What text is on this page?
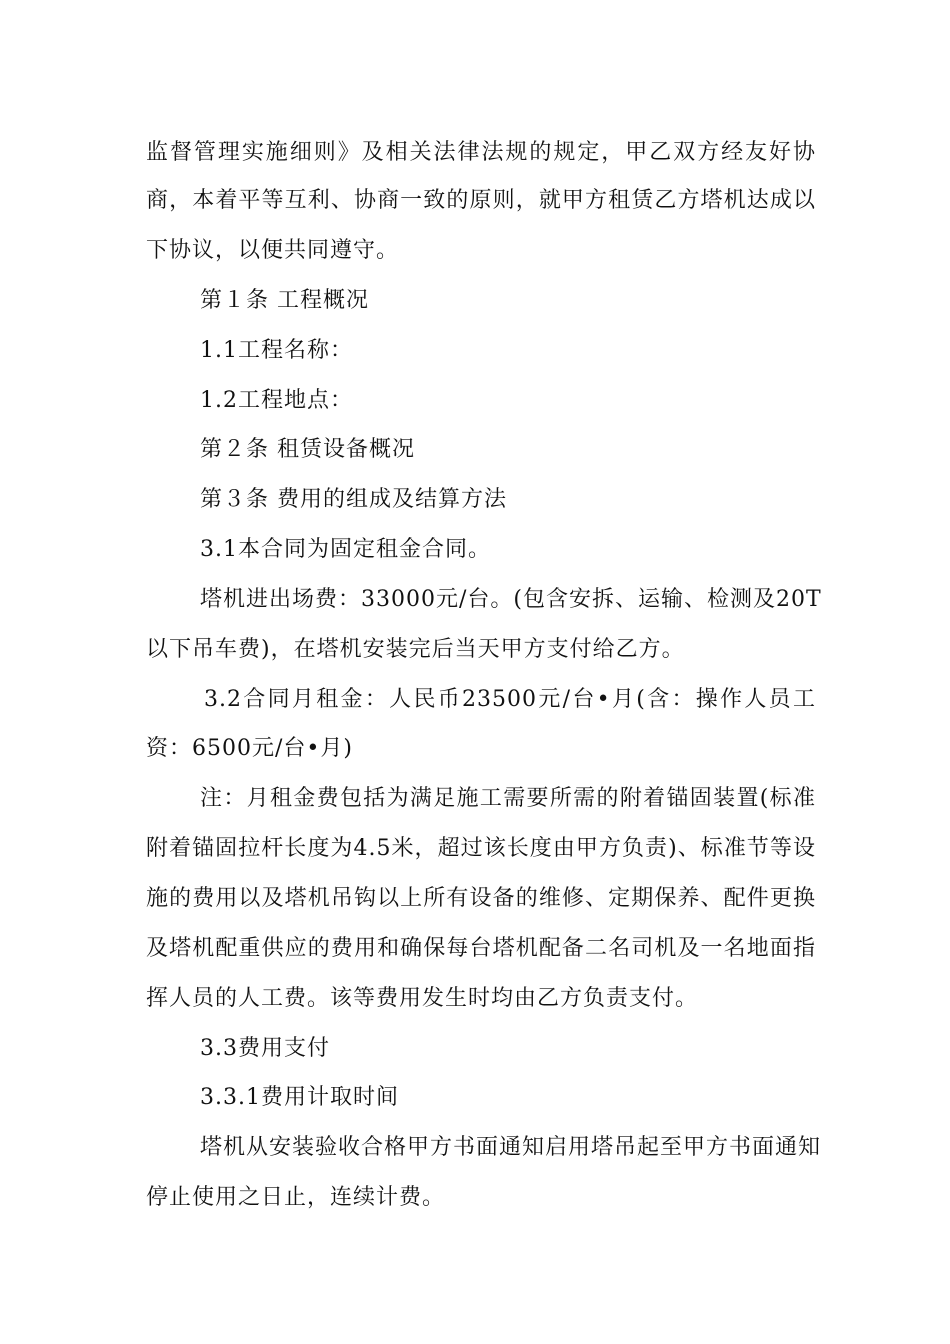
监督管理实施细则》及相关法律法规的规定，甲乙双方经友好协
商，本着平等互利、协商一致的原则，就甲方租赁乙方塔机达成以
下协议，以便共同遵守。
第１条 工程概况
1.1工程名称：
1.2工程地点：
第２条 租赁设备概况
第３条 费用的组成及结算方法
3.1本合同为固定租金合同。
塔机进出场费：33000元/台。(包含安拆、运输、检测及20T
以下吊车费)，在塔机安装完后当天甲方支付给乙方。
3.2合同月租金：人民币23500元/台•月(含：操作人员工
资：6500元/台•月)
注：月租金费包括为满足施工需要所需的附着锚固装置(标准
附着锚固拉杆长度为4.5米，超过该长度由甲方负责)、标准节等设
施的费用以及塔机吊钩以上所有设备的维修、定期保养、配件更换
及塔机配重供应的费用和确保每台塔机配备二名司机及一名地面指
挥人员的人工费。该等费用发生时均由乙方负责支付。
3.3费用支付
3.3.1费用计取时间
塔机从安装验收合格甲方书面通知启用塔吊起至甲方书面通知
停止使用之日止，连续计费。
